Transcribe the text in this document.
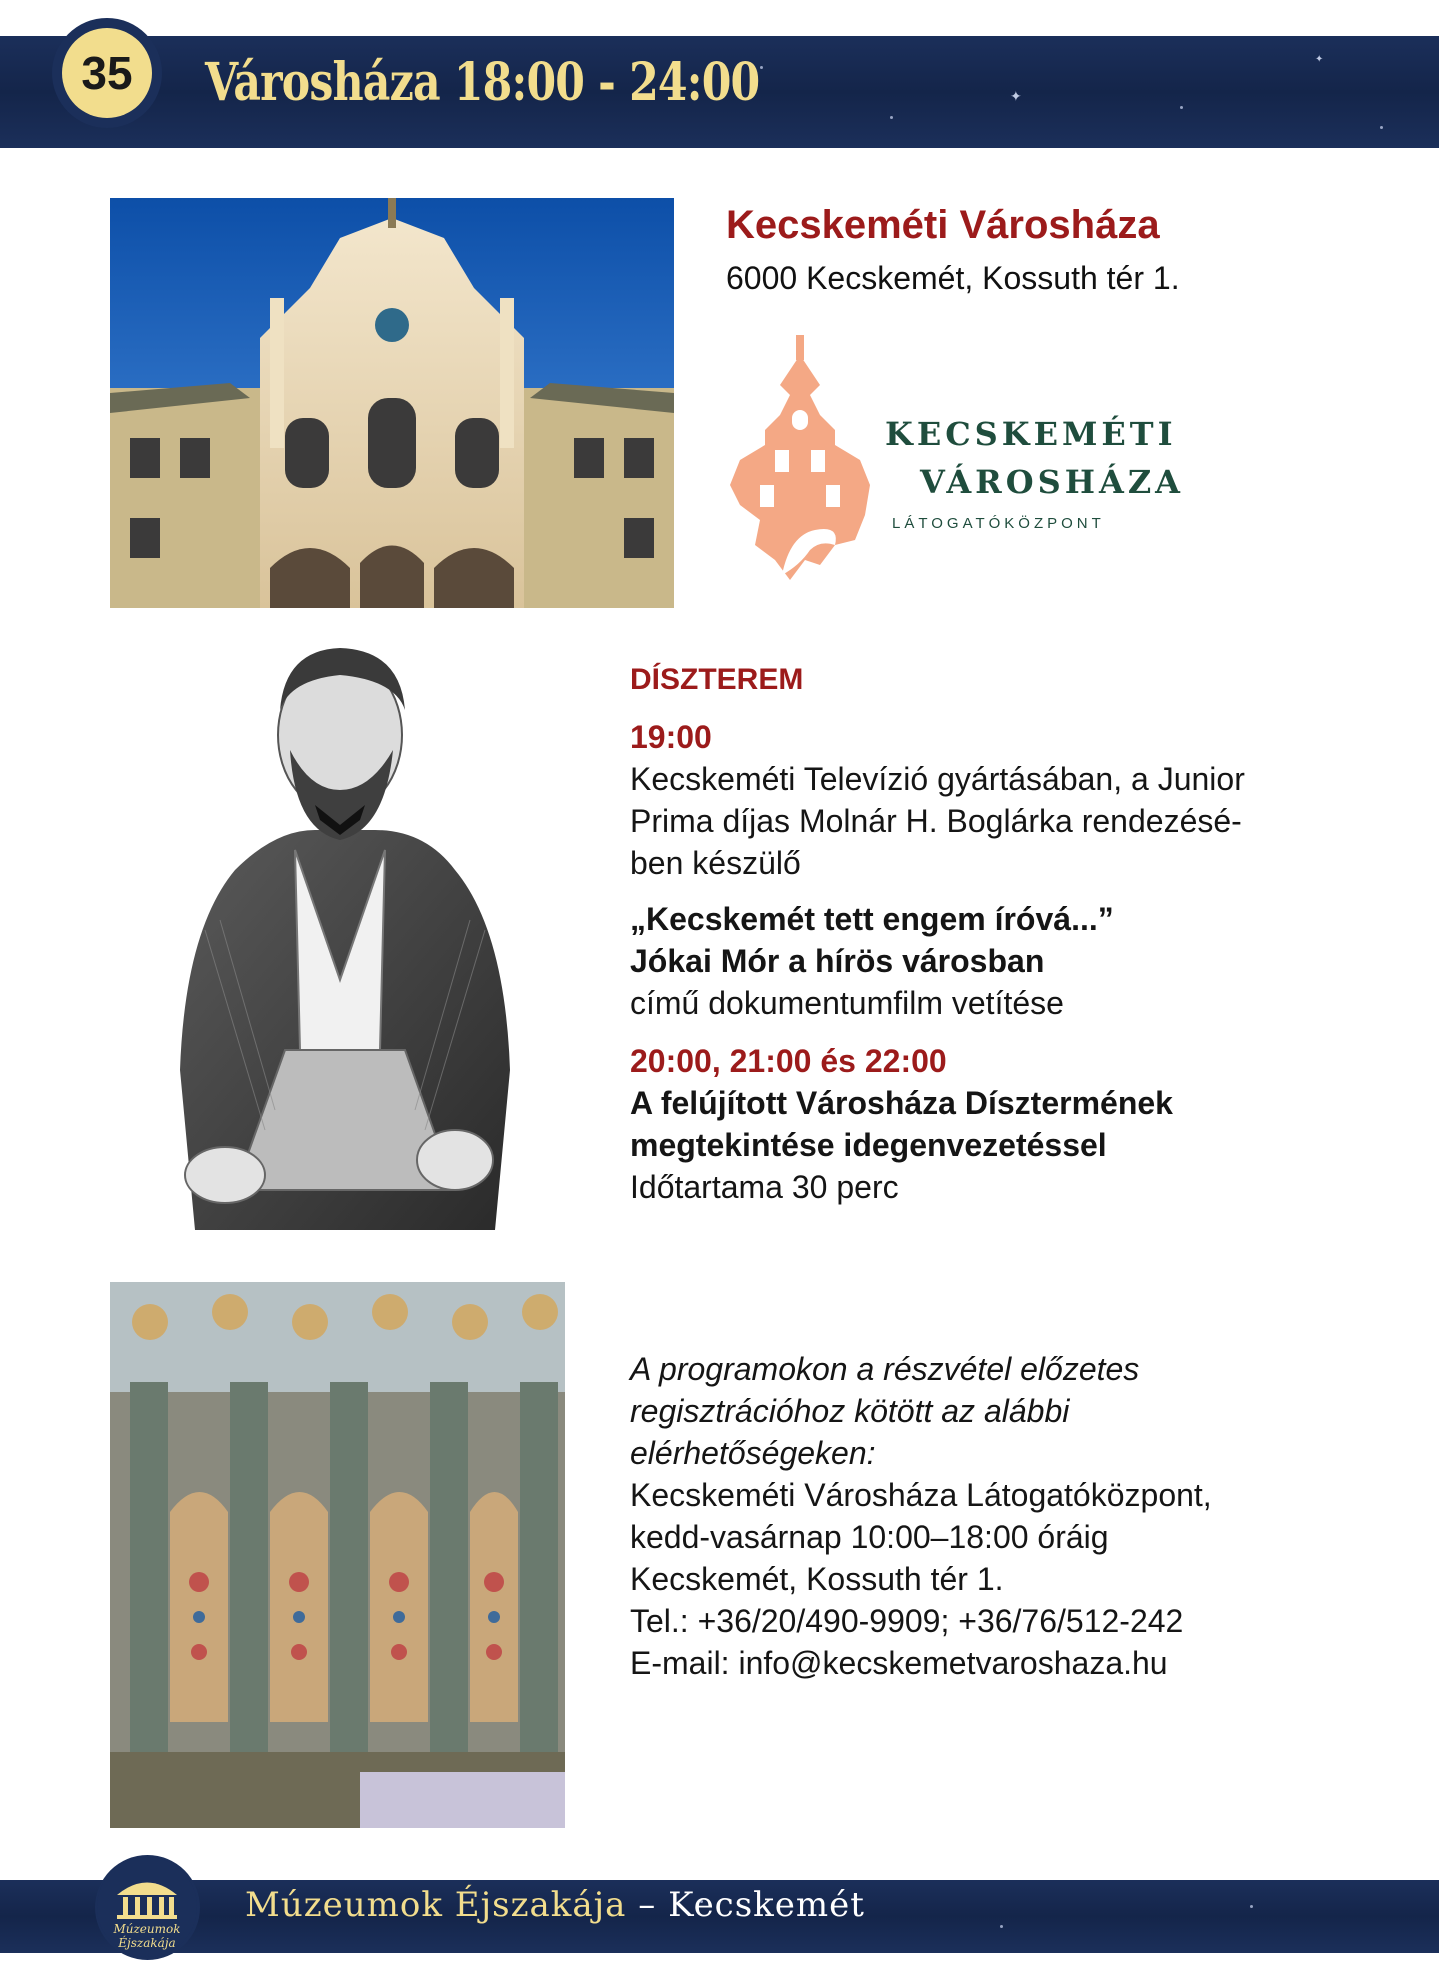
✦
✦
35	Városháza 18:00 - 24:00
Kecskeméti Városháza
6000 Kecskemét, Kossuth tér 1.
KECSKEMÉTI
VÁROSHÁZA
LÁTOGATÓKÖZPONT

DÍSZTEREM

19:00

Kecskeméti Televízió gyártásában, a Junior

Prima díjas Molnár H. Boglárka rendezésé-

ben készülő

„Kecskemét tett engem íróvá...”

Jókai Mór a hírös városban

című dokumentumfilm vetítése

20:00, 21:00 és 22:00

A felújított Városháza Dísztermének

megtekintése idegenvezetéssel

Időtartama 30 perc

A programokon a részvétel előzetes

regisztrációhoz kötött az alábbi

elérhetőségeken:

Kecskeméti Városháza Látogatóközpont,

kedd-vasárnap 10:00–18:00 óráig

Kecskemét, Kossuth tér 1.

Tel.: +36/20/490-9909; +36/76/512-242

E-mail: info@kecskemetvaroshaza.hu

Múzeumok
Éjszakája
Múzeumok Éjszakája – Kecskemét
